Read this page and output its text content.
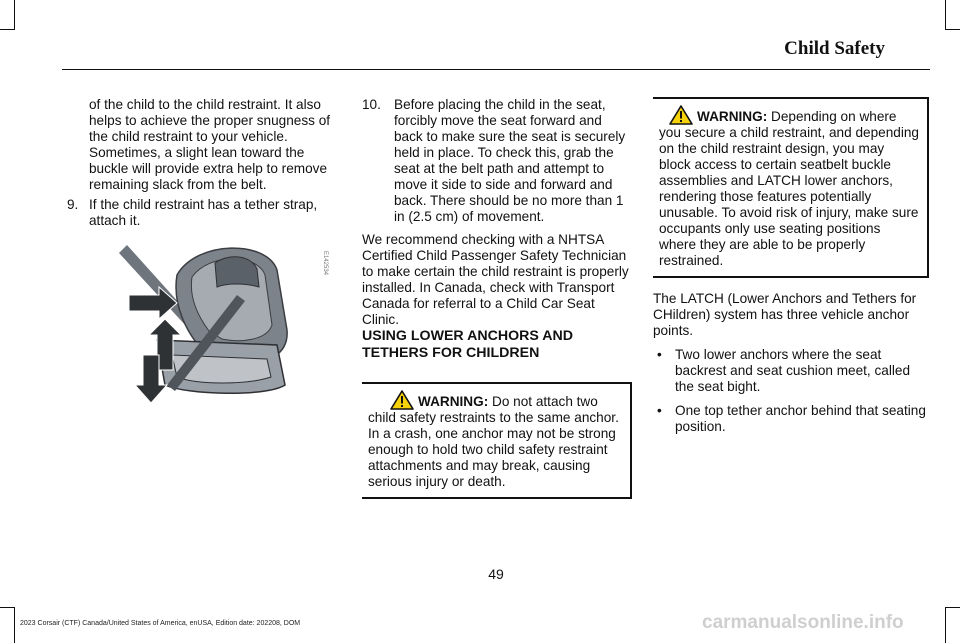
Child Safety

of the child to the child restraint. It also helps to achieve the proper snugness of the child restraint to your vehicle. Sometimes, a slight lean toward the buckle will provide extra help to remove remaining slack from the belt.

9. If the child restraint has a tether strap, attach it.
E142534
10. Before placing the child in the seat, forcibly move the seat forward and back to make sure the seat is securely held in place. To check this, grab the seat at the belt path and attempt to move it side to side and forward and back. There should be no more than 1 in (2.5 cm) of movement.

We recommend checking with a NHTSA Certified Child Passenger Safety Technician to make certain the child restraint is properly installed. In Canada, check with Transport Canada for referral to a Child Car Seat Clinic.

USING LOWER ANCHORS AND TETHERS FOR CHILDREN

WARNING: Do not attach two child safety restraints to the same anchor. In a crash, one anchor may not be strong enough to hold two child safety restraint attachments and may break, causing serious injury or death.
WARNING: Depending on where you secure a child restraint, and depending on the child restraint design, you may block access to certain seatbelt buckle assemblies and LATCH lower anchors, rendering those features potentially unusable. To avoid risk of injury, make sure occupants only use seating positions where they are able to be properly restrained.

The LATCH (Lower Anchors and Tethers for CHildren) system has three vehicle anchor points.

• Two lower anchors where the seat backrest and seat cushion meet, called the seat bight.
• One top tether anchor behind that seating position.
49
2023 Corsair (CTF) Canada/United States of America, enUSA, Edition date: 202208, DOM	carmanualsonline.info
